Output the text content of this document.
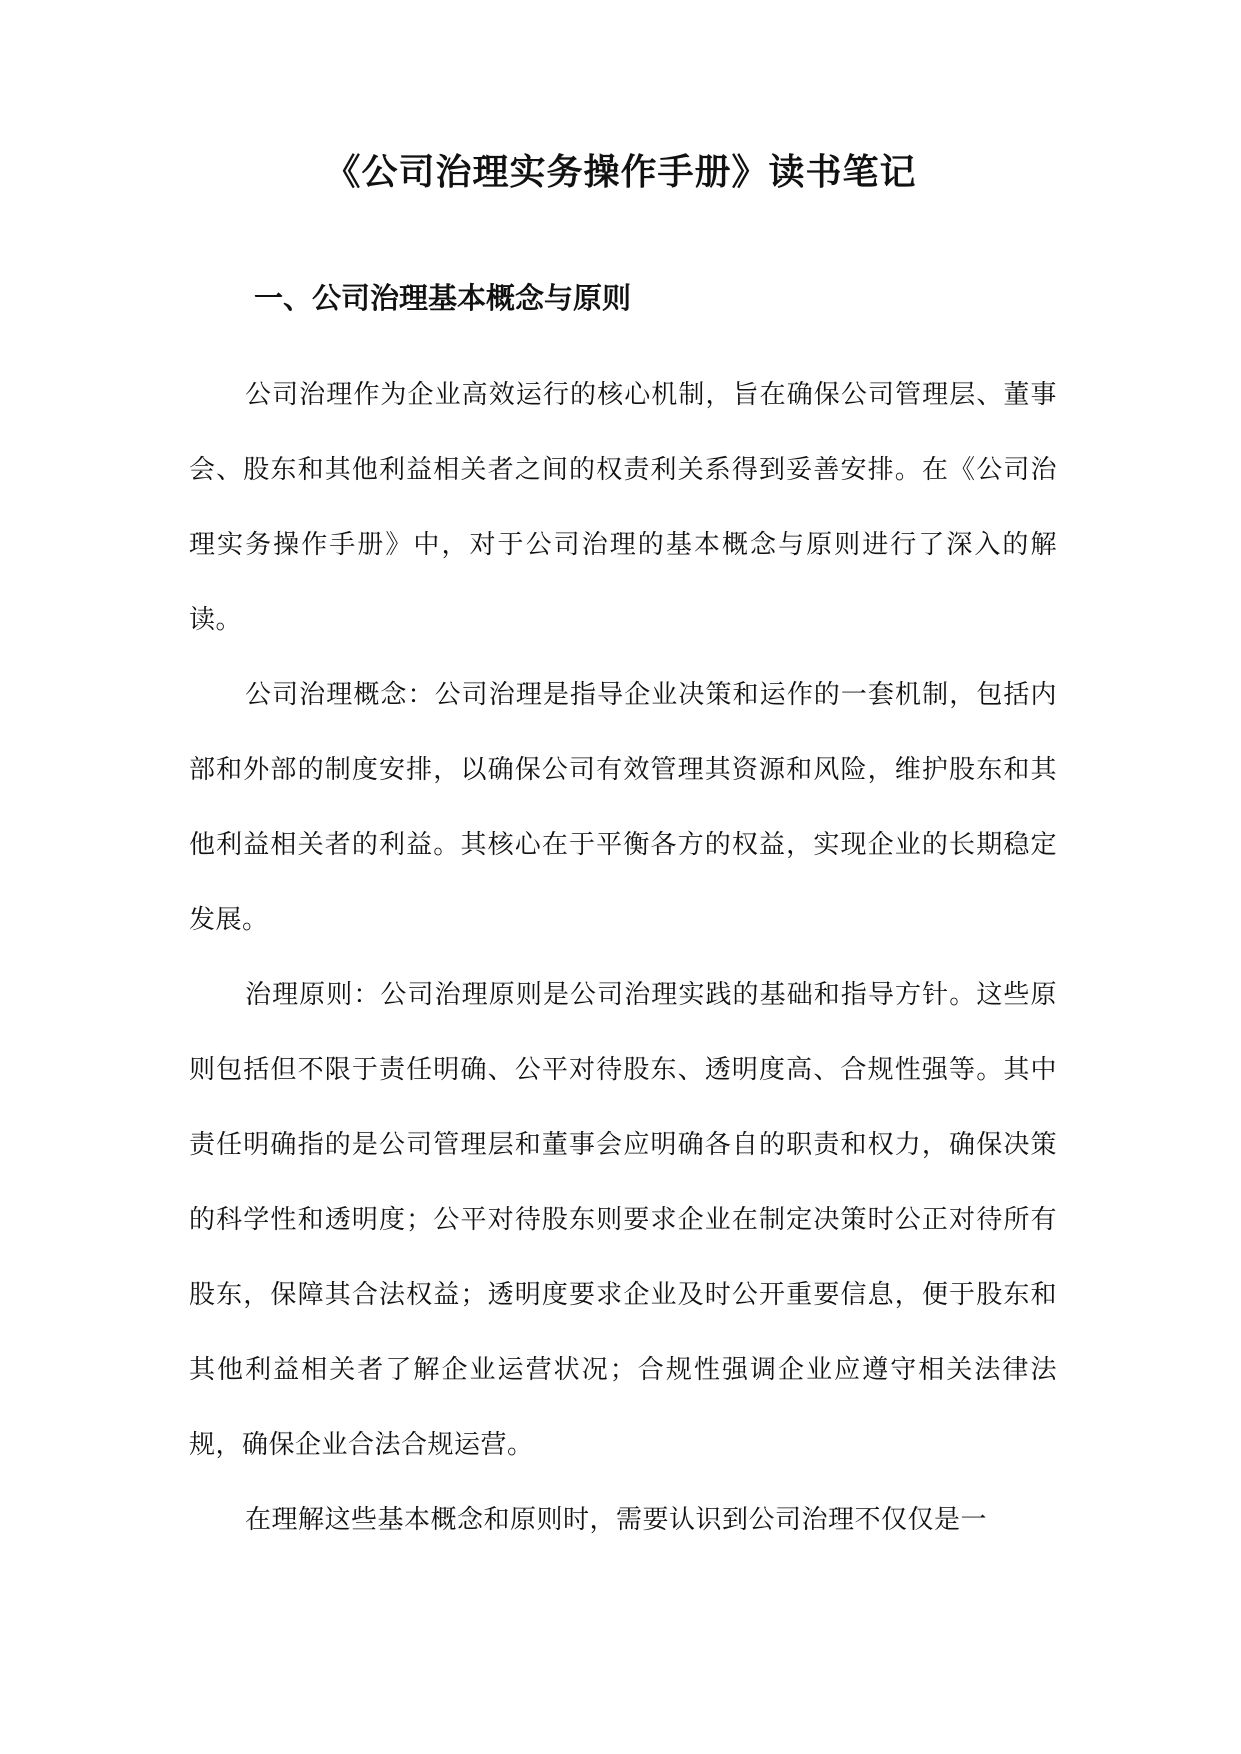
《公司治理实务操作手册》读书笔记
一、公司治理基本概念与原则

公司治理作为企业高效运行的核心机制，旨在确保公司管理层、董事会、股东和其他利益相关者之间的权责利关系得到妥善安排。在《公司治理实务操作手册》中，对于公司治理的基本概念与原则进行了深入的解读。

公司治理概念：公司治理是指导企业决策和运作的一套机制，包括内部和外部的制度安排，以确保公司有效管理其资源和风险，维护股东和其他利益相关者的利益。其核心在于平衡各方的权益，实现企业的长期稳定发展。

治理原则：公司治理原则是公司治理实践的基础和指导方针。这些原则包括但不限于责任明确、公平对待股东、透明度高、合规性强等。其中责任明确指的是公司管理层和董事会应明确各自的职责和权力，确保决策的科学性和透明度；公平对待股东则要求企业在制定决策时公正对待所有股东，保障其合法权益；透明度要求企业及时公开重要信息，便于股东和其他利益相关者了解企业运营状况；合规性强调企业应遵守相关法律法规，确保企业合法合规运营。

在理解这些基本概念和原则时，需要认识到公司治理不仅仅是一
